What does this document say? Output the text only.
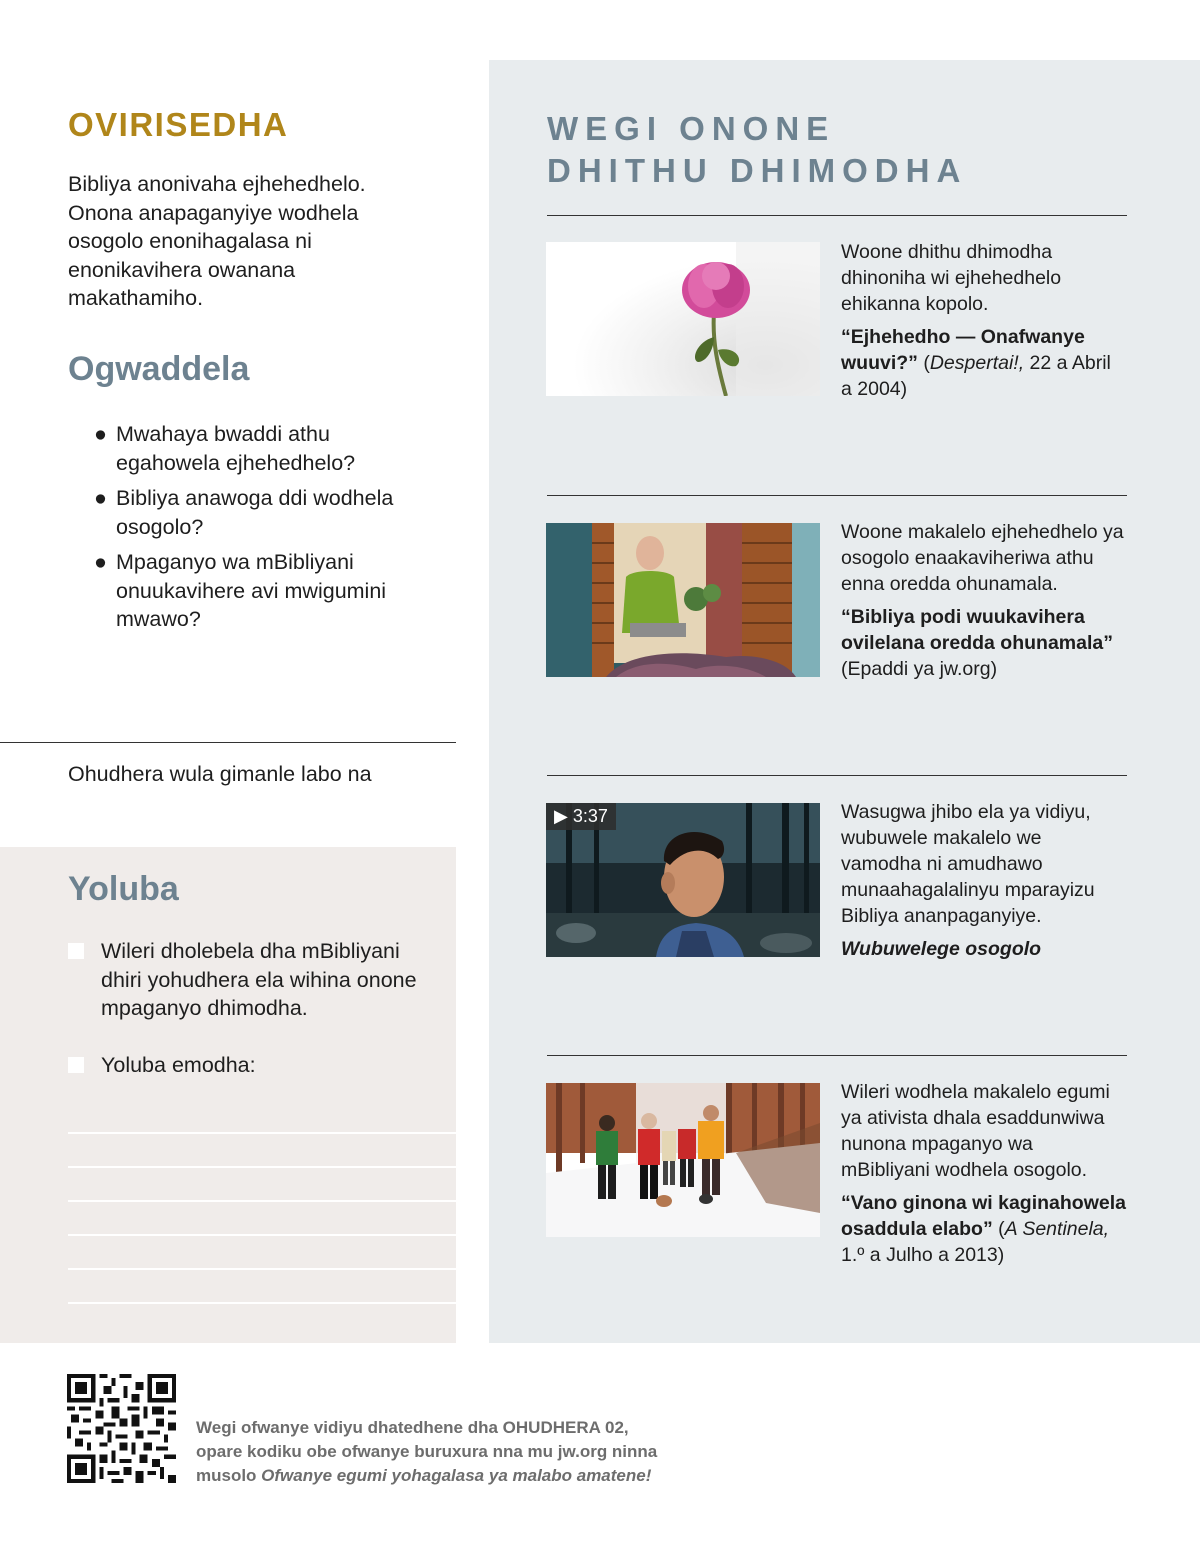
OVIRISEDHA

Bibliya anonivaha ejhehedhelo. Onona anapaganyiye wodhela osogolo enonihagalasa ni enonikavihera owanana makathamiho.

Ogwaddela
● Mwahaya bwaddi athu egahowela ejhehedhelo?
● Bibliya anawoga ddi wodhela osogolo?
● Mpaganyo wa mBibliyani onuukavihere avi mwigumini mwawo?

Ohudhera wula gimanle labo na

Yoluba
Wileri dholebela dha mBibliyani dhiri yohudhera ela wihina onone mpaganyo dhimodha.
Yoluba emodha:
WEGI ONONE
DHITHU DHIMODHA

Woone dhithu dhimodha dhinoniha wi ejhehedhelo ehikanna kopolo.

“Ejhehedho — Onafwanye wuuvi?” (Despertai!, 22 a Abril a 2004)

Woone makalelo ejhehedhelo ya osogolo enaakaviheriwa athu enna oredda ohunamala.

“Bibliya podi wuukavihera ovilelana oredda ohunamala” (Epaddi ya jw.org)

▶ 3:37	Wasugwa jhibo ela ya vidiyu, wubuwele makalelo we vamodha ni amudhawo munaahagalalinyu mparayizu Bibliya ananpaganyiye.

Wubuwelege osogolo

Wileri wodhela makalelo egumi ya ativista dhala esaddunwiwa nunona mpaganyo wa mBibliyani wodhela osogolo.

“Vano ginona wi kaginahowela osaddula elabo” (A Sentinela, 1.º a Julho a 2013)

Wegi ofwanye vidiyu dhatedhene dha OHUDHERA 02,
opare kodiku obe ofwanye buruxura nna mu jw.org ninna
musolo Ofwanye egumi yohagalasa ya malabo amatene!
